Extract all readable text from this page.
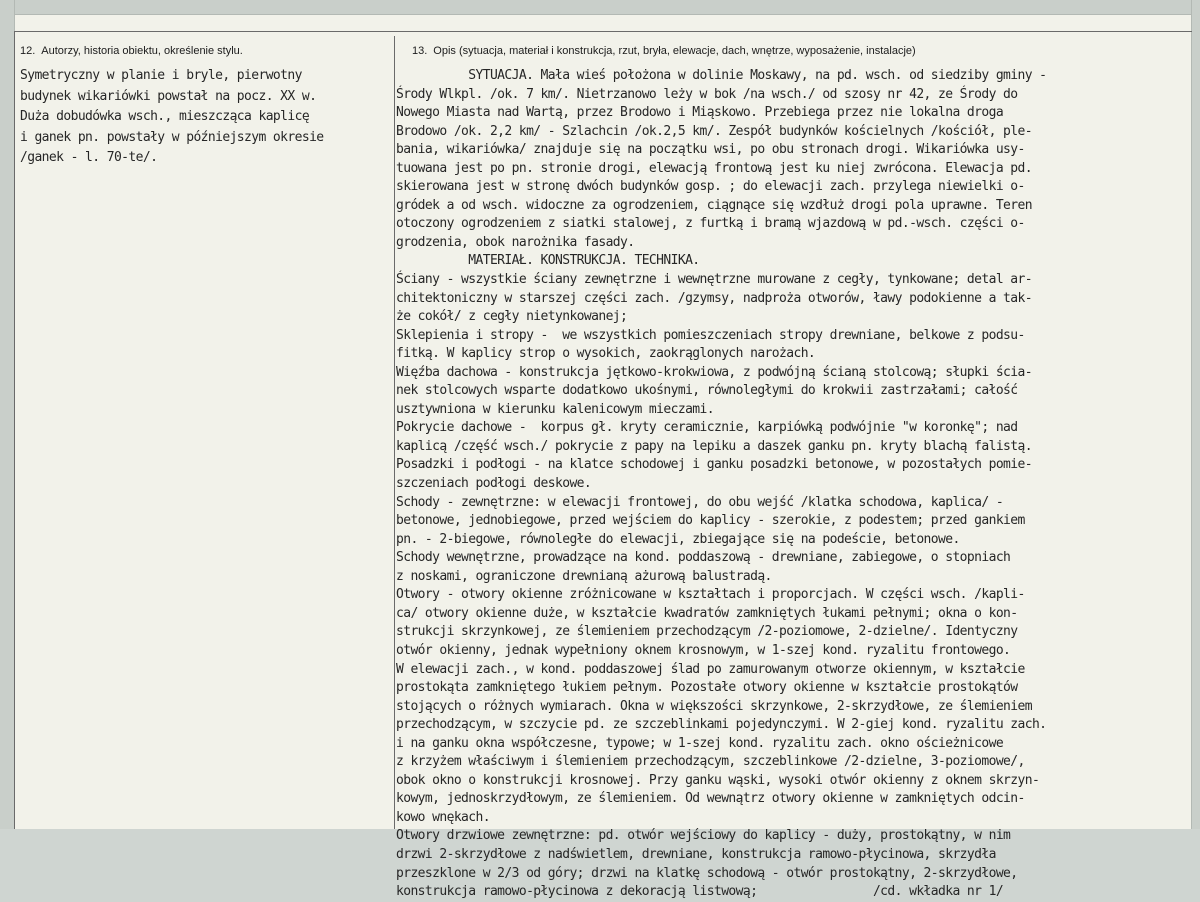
12. Autorzy, historia obiektu, określenie stylu.	13. Opis (sytuacja, materiał i konstrukcja, rzut, bryła, elewacje, dach, wnętrze, wyposażenie, instalacje)
Symetryczny w planie i bryle, pierwotny
budynek wikariówki powstał na pocz. XX w.
Duża dobudówka wsch., mieszcząca kaplicę
i ganek pn. powstały w późniejszym okresie
/ganek - l. 70-te/.
SYTUACJA. Mała wieś położona w dolinie Moskawy, na pd. wsch. od siedziby gminy -
Środy Wlkpl. /ok. 7 km/. Nietrzanowo leży w bok /na wsch./ od szosy nr 42, ze Środy do
Nowego Miasta nad Wartą, przez Brodowo i Miąskowo. Przebiega przez nie lokalna droga
Brodowo /ok. 2,2 km/ - Szlachcin /ok.2,5 km/. Zespół budynków kościelnych /kościół, ple-
bania, wikariówka/ znajduje się na początku wsi, po obu stronach drogi. Wikariówka usy-
tuowana jest po pn. stronie drogi, elewacją frontową jest ku niej zwrócona. Elewacja pd.
skierowana jest w stronę dwóch budynków gosp. ; do elewacji zach. przylega niewielki o-
gródek a od wsch. widoczne za ogrodzeniem, ciągnące się wzdłuż drogi pola uprawne. Teren
otoczony ogrodzeniem z siatki stalowej, z furtką i bramą wjazdową w pd.-wsch. części o-
grodzenia, obok narożnika fasady.
MATERIAŁ. KONSTRUKCJA. TECHNIKA.
Ściany - wszystkie ściany zewnętrzne i wewnętrzne murowane z cegły, tynkowane; detal ar-
chitektoniczny w starszej części zach. /gzymsy, nadproża otworów, ławy podokienne a tak-
że cokół/ z cegły nietynkowanej;
Sklepienia i stropy -  we wszystkich pomieszczeniach stropy drewniane, belkowe z podsu-
fitką. W kaplicy strop o wysokich, zaokrąglonych narożach.
Więźba dachowa - konstrukcja jętkowo-krokwiowa, z podwójną ścianą stolcową; słupki ścia-
nek stolcowych wsparte dodatkowo ukośnymi, równoległymi do krokwii zastrzałami; całość
usztywniona w kierunku kalenicowym mieczami.
Pokrycie dachowe -  korpus gł. kryty ceramicznie, karpiówką podwójnie "w koronkę"; nad
kaplicą /część wsch./ pokrycie z papy na lepiku a daszek ganku pn. kryty blachą falistą.
Posadzki i podłogi - na klatce schodowej i ganku posadzki betonowe, w pozostałych pomie-
szczeniach podłogi deskowe.
Schody - zewnętrzne: w elewacji frontowej, do obu wejść /klatka schodowa, kaplica/ -
betonowe, jednobiegowe, przed wejściem do kaplicy - szerokie, z podestem; przed gankiem
pn. - 2-biegowe, równoległe do elewacji, zbiegające się na podeście, betonowe.
Schody wewnętrzne, prowadzące na kond. poddaszową - drewniane, zabiegowe, o stopniach
z noskami, ograniczone drewnianą ażurową balustradą.
Otwory - otwory okienne zróżnicowane w kształtach i proporcjach. W części wsch. /kapli-
ca/ otwory okienne duże, w kształcie kwadratów zamkniętych łukami pełnymi; okna o kon-
strukcji skrzynkowej, ze ślemieniem przechodzącym /2-poziomowe, 2-dzielne/. Identyczny
otwór okienny, jednak wypełniony oknem krosnowym, w 1-szej kond. ryzalitu frontowego.
W elewacji zach., w kond. poddaszowej ślad po zamurowanym otworze okiennym, w kształcie
prostokąta zamkniętego łukiem pełnym. Pozostałe otwory okienne w kształcie prostokątów
stojących o różnych wymiarach. Okna w większości skrzynkowe, 2-skrzydłowe, ze ślemieniem
przechodzącym, w szczycie pd. ze szczeblinkami pojedynczymi. W 2-giej kond. ryzalitu zach.
i na ganku okna współczesne, typowe; w 1-szej kond. ryzalitu zach. okno ościeżnicowe
z krzyżem właściwym i ślemieniem przechodzącym, szczeblinkowe /2-dzielne, 3-poziomowe/,
obok okno o konstrukcji krosnowej. Przy ganku wąski, wysoki otwór okienny z oknem skrzyn-
kowym, jednoskrzydłowym, ze ślemieniem. Od wewnątrz otwory okienne w zamkniętych odcin-
kowo wnękach.
Otwory drzwiowe zewnętrzne: pd. otwór wejściowy do kaplicy - duży, prostokątny, w nim
drzwi 2-skrzydłowe z nadświetlem, drewniane, konstrukcja ramowo-płycinowa, skrzydła
przeszklone w 2/3 od góry; drzwi na klatkę schodową - otwór prostokątny, 2-skrzydłowe,
konstrukcja ramowo-płycinowa z dekoracją listwową;                /cd. wkładka nr 1/
